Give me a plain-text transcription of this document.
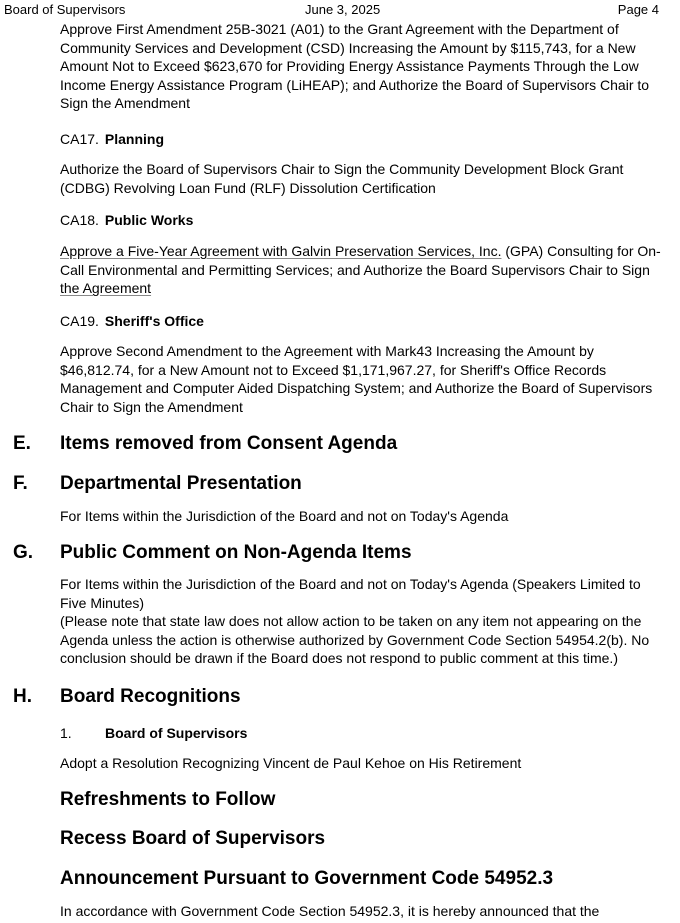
Board of Supervisors	June 3, 2025	Page 4
Approve First Amendment 25B-3021 (A01) to the Grant Agreement with the Department of
Community Services and Development (CSD) Increasing the Amount by $115,743, for a New
Amount Not to Exceed $623,670 for Providing Energy Assistance Payments Through the Low
Income Energy Assistance Program (LiHEAP); and Authorize the Board of Supervisors Chair to
Sign the Amendment
CA17. Planning
Authorize the Board of Supervisors Chair to Sign the Community Development Block Grant
(CDBG) Revolving Loan Fund (RLF) Dissolution Certification
CA18. Public Works
Approve a Five-Year Agreement with Galvin Preservation Services, Inc. (GPA) Consulting for On-
Call Environmental and Permitting Services; and Authorize the Board Supervisors Chair to Sign
the Agreement
CA19. Sheriff's Office
Approve Second Amendment to the Agreement with Mark43 Increasing the Amount by
$46,812.74, for a New Amount not to Exceed $1,171,967.27, for Sheriff's Office Records
Management and Computer Aided Dispatching System; and Authorize the Board of Supervisors
Chair to Sign the Amendment
E. Items removed from Consent Agenda
F. Departmental Presentation
For Items within the Jurisdiction of the Board and not on Today's Agenda
G. Public Comment on Non-Agenda Items
For Items within the Jurisdiction of the Board and not on Today's Agenda (Speakers Limited to
Five Minutes)
(Please note that state law does not allow action to be taken on any item not appearing on the
Agenda unless the action is otherwise authorized by Government Code Section 54954.2(b). No
conclusion should be drawn if the Board does not respond to public comment at this time.)
H. Board Recognitions
1. Board of Supervisors
Adopt a Resolution Recognizing Vincent de Paul Kehoe on His Retirement
Refreshments to Follow
Recess Board of Supervisors
Announcement Pursuant to Government Code 54952.3
In accordance with Government Code Section 54952.3, it is hereby announced that the
